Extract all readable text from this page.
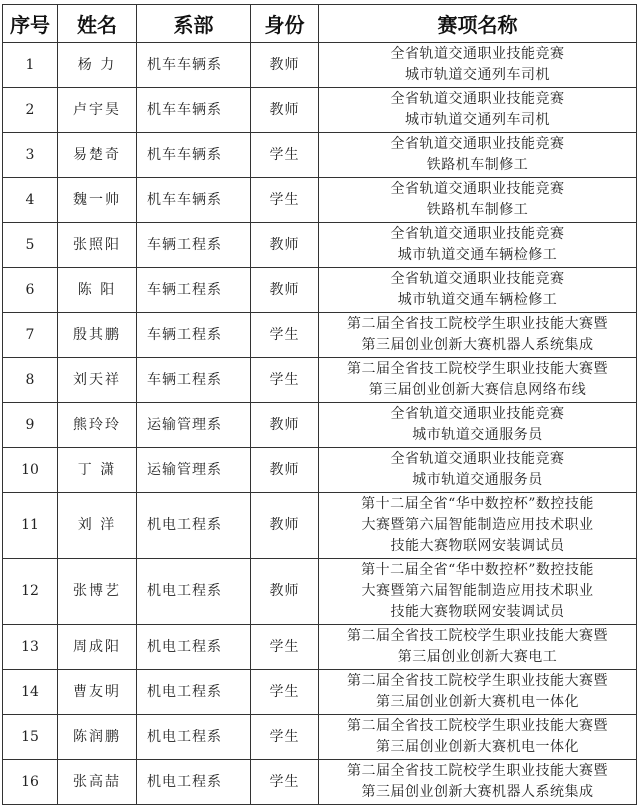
序号	姓名	系部	身份	赛项名称
1	杨 力	机车车辆系	教师	全省轨道交通职业技能竞赛
城市轨道交通列车司机
2	卢宇昊	机车车辆系	教师	全省轨道交通职业技能竞赛
城市轨道交通列车司机
3	易楚奇	机车车辆系	学生	全省轨道交通职业技能竞赛
铁路机车制修工
4	魏一帅	机车车辆系	学生	全省轨道交通职业技能竞赛
铁路机车制修工
5	张照阳	车辆工程系	教师	全省轨道交通职业技能竞赛
城市轨道交通车辆检修工
6	陈 阳	车辆工程系	教师	全省轨道交通职业技能竞赛
城市轨道交通车辆检修工
7	殷其鹏	车辆工程系	学生	第二届全省技工院校学生职业技能大赛暨
第三届创业创新大赛机器人系统集成
8	刘天祥	车辆工程系	学生	第二届全省技工院校学生职业技能大赛暨
第三届创业创新大赛信息网络布线
9	熊玲玲	运输管理系	教师	全省轨道交通职业技能竞赛
城市轨道交通服务员
10	丁 潇	运输管理系	教师	全省轨道交通职业技能竞赛
城市轨道交通服务员
11	刘 洋	机电工程系	教师	第十二届全省“华中数控杯”数控技能
大赛暨第六届智能制造应用技术职业
技能大赛物联网安装调试员
12	张博艺	机电工程系	教师	第十二届全省“华中数控杯”数控技能
大赛暨第六届智能制造应用技术职业
技能大赛物联网安装调试员
13	周成阳	机电工程系	学生	第二届全省技工院校学生职业技能大赛暨
第三届创业创新大赛电工
14	曹友明	机电工程系	学生	第二届全省技工院校学生职业技能大赛暨
第三届创业创新大赛机电一体化
15	陈润鹏	机电工程系	学生	第二届全省技工院校学生职业技能大赛暨
第三届创业创新大赛机电一体化
16	张高喆	机电工程系	学生	第二届全省技工院校学生职业技能大赛暨
第三届创业创新大赛机器人系统集成
